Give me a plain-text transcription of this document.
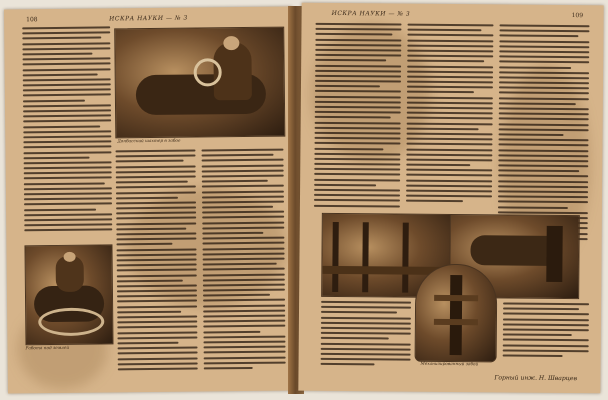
108	ИСКРА НАУКИ — № 3
Донбасский шахтер в забое
Работа под землей
ИСКРА НАУКИ — № 3	109
Механизированный забой
Горный инж. Н. Шварцев
